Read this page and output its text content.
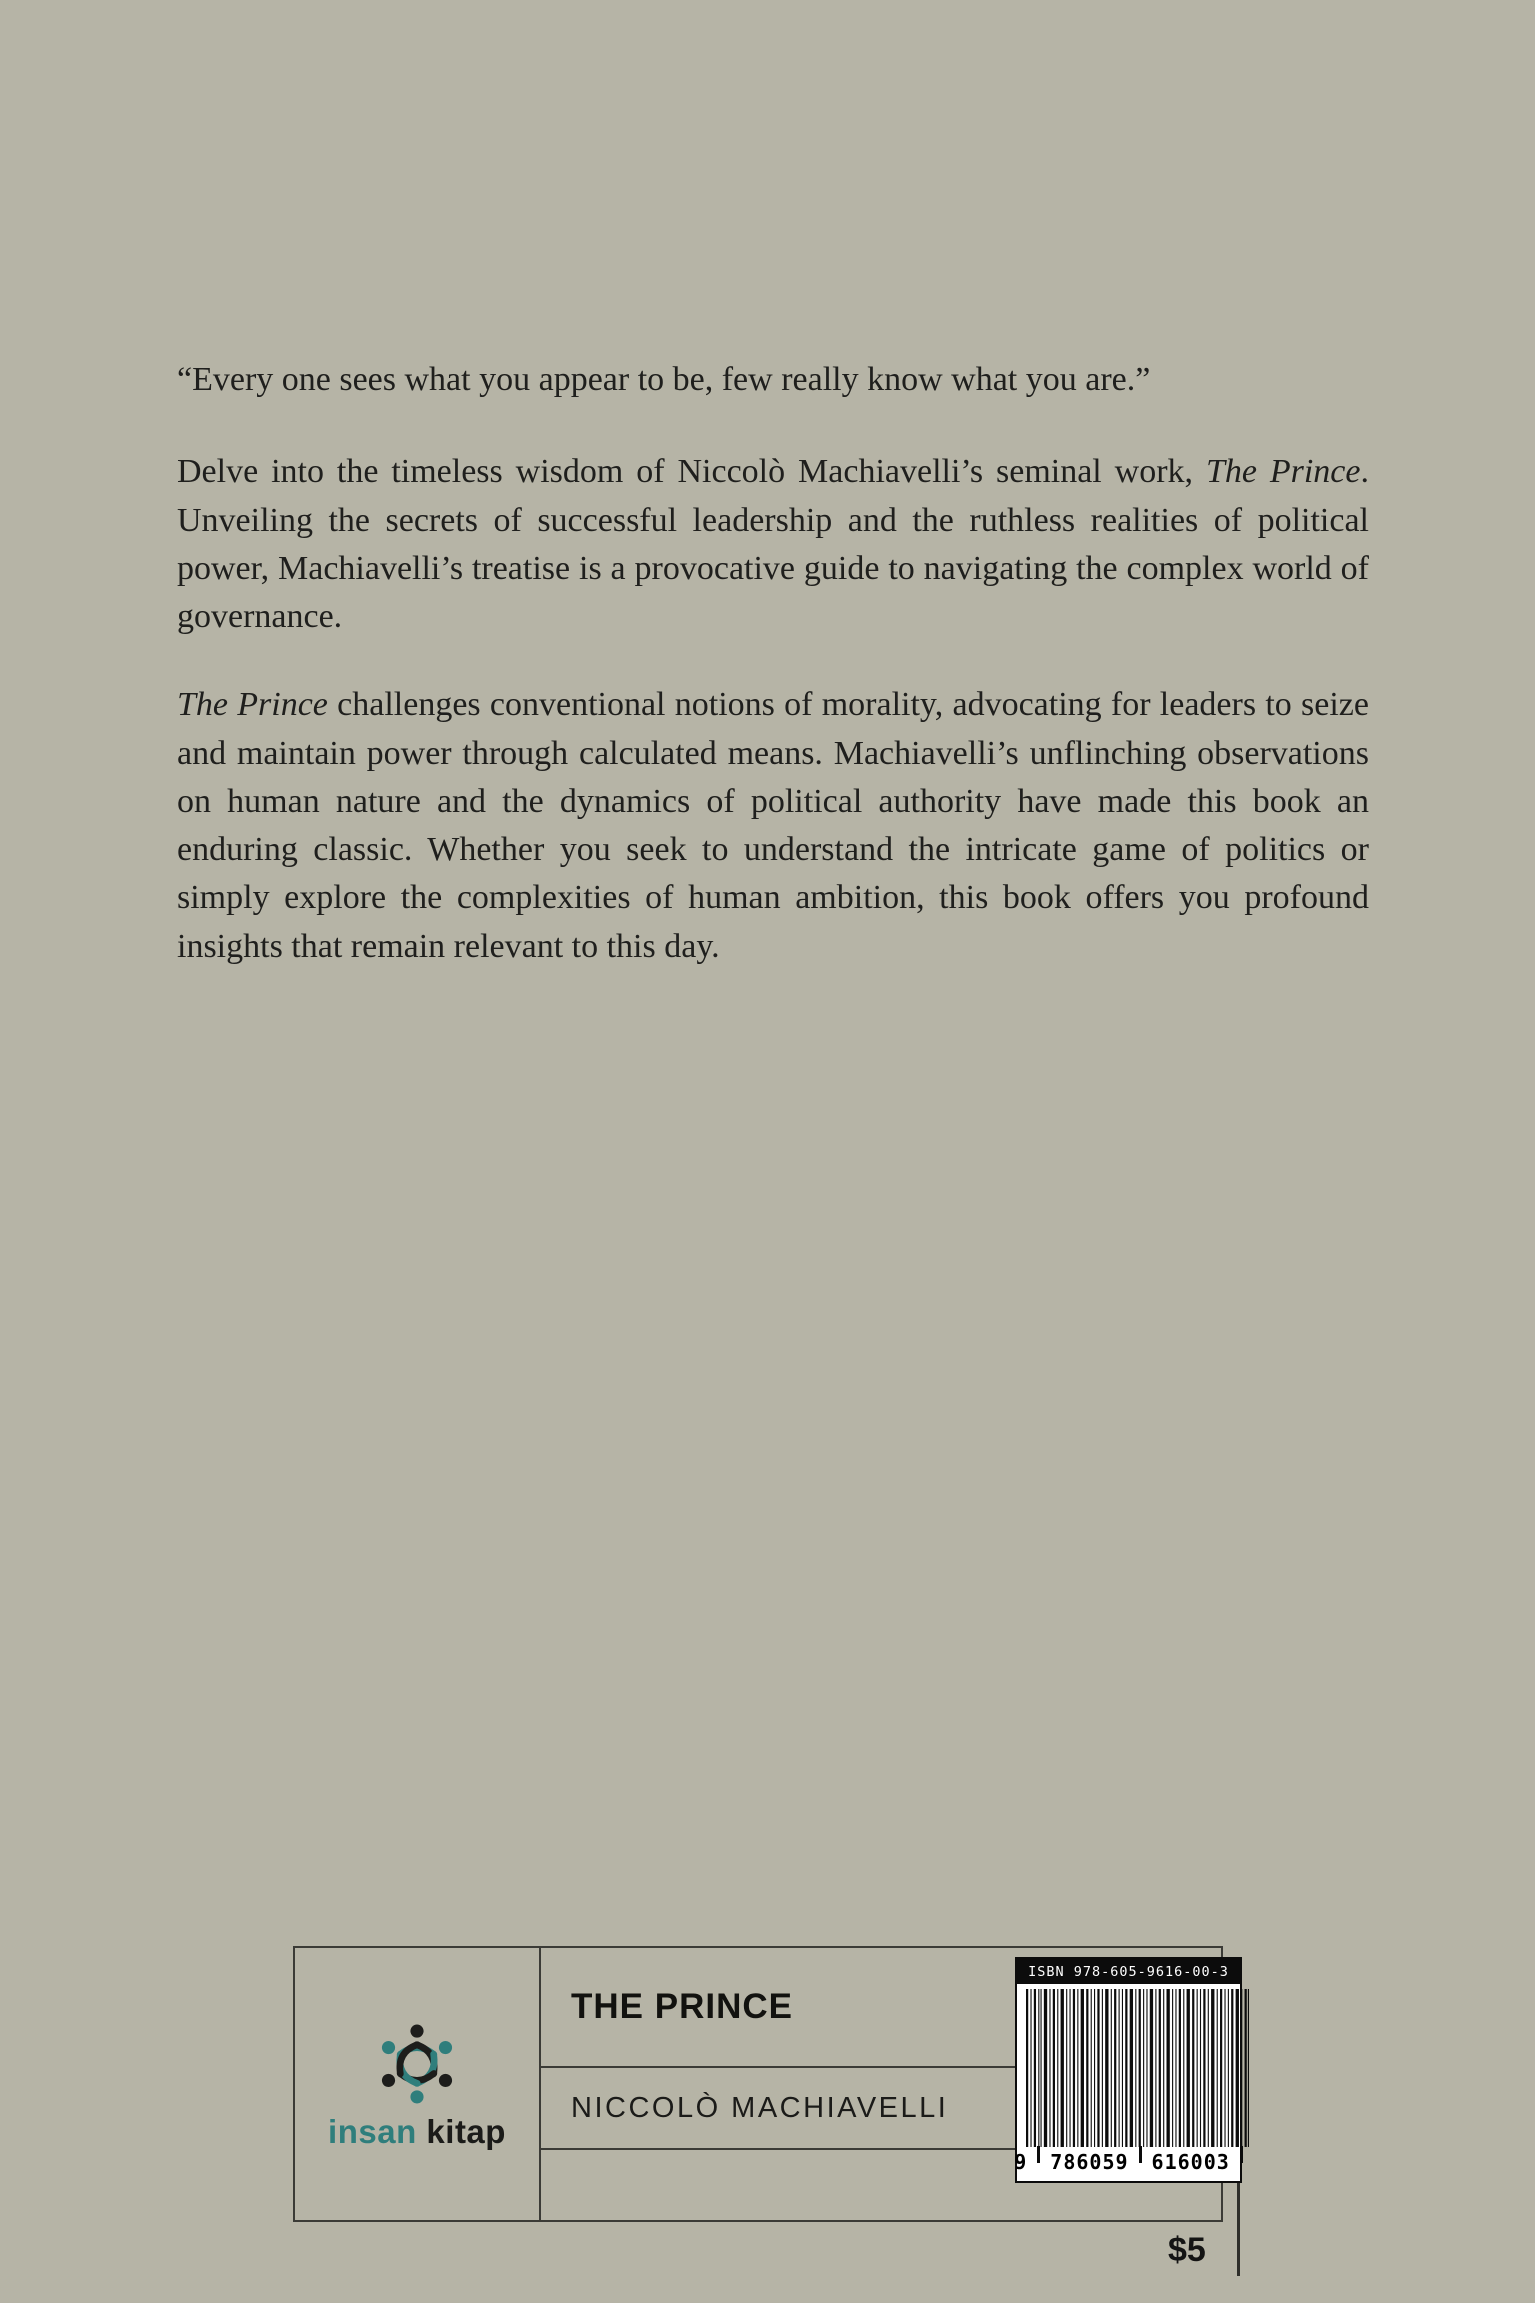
“Every one sees what you appear to be, few really know what you are.”

Delve into the timeless wisdom of Niccolò Machiavelli’s seminal work, The Prince. Unveiling the secrets of successful leadership and the ruthless realities of political power, Machiavelli’s treatise is a provocative guide to navigating the complex world of governance.

The Prince challenges conventional notions of morality, advocating for leaders to seize and maintain power through calculated means. Machiavelli’s unflinching observations on human nature and the dynamics of political authority have made this book an enduring classic. Whether you seek to understand the intricate game of politics or simply explore the complexities of human ambition, this book offers you profound insights that remain relevant to this day.

insan kitap
THE PRINCE
NICCOLÒ MACHIAVELLI
ISBN 978-605-9616-00-3
9 786059 616003
$5
